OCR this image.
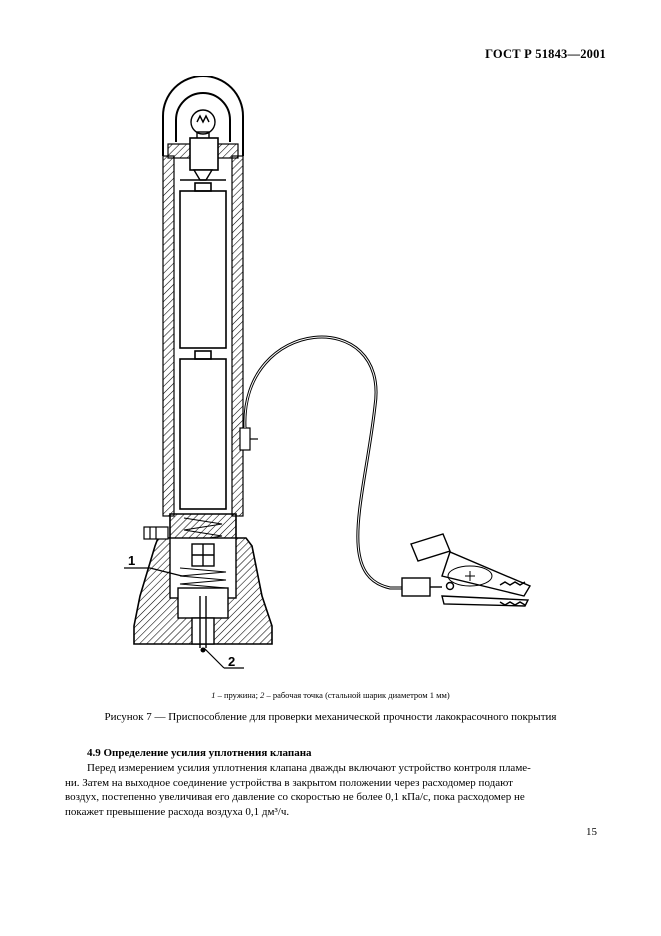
ГОСТ Р 51843—2001
1
2
1 – пружина; 2 – рабочая точка (стальной шарик диаметром 1 мм)
Рисунок 7 — Приспособление для проверки механической прочности лакокрасочного покрытия
4.9 Определение усилия уплотнения клапана
Перед измерением усилия уплотнения клапана дважды включают устройство контроля пламе-
ни. Затем на выходное соединение устройства в закрытом положении через расходомер подают
воздух, постепенно увеличивая его давление со скоростью не более 0,1 кПа/с, пока расходомер не
покажет превышение расхода воздуха 0,1 дм³/ч.
15
